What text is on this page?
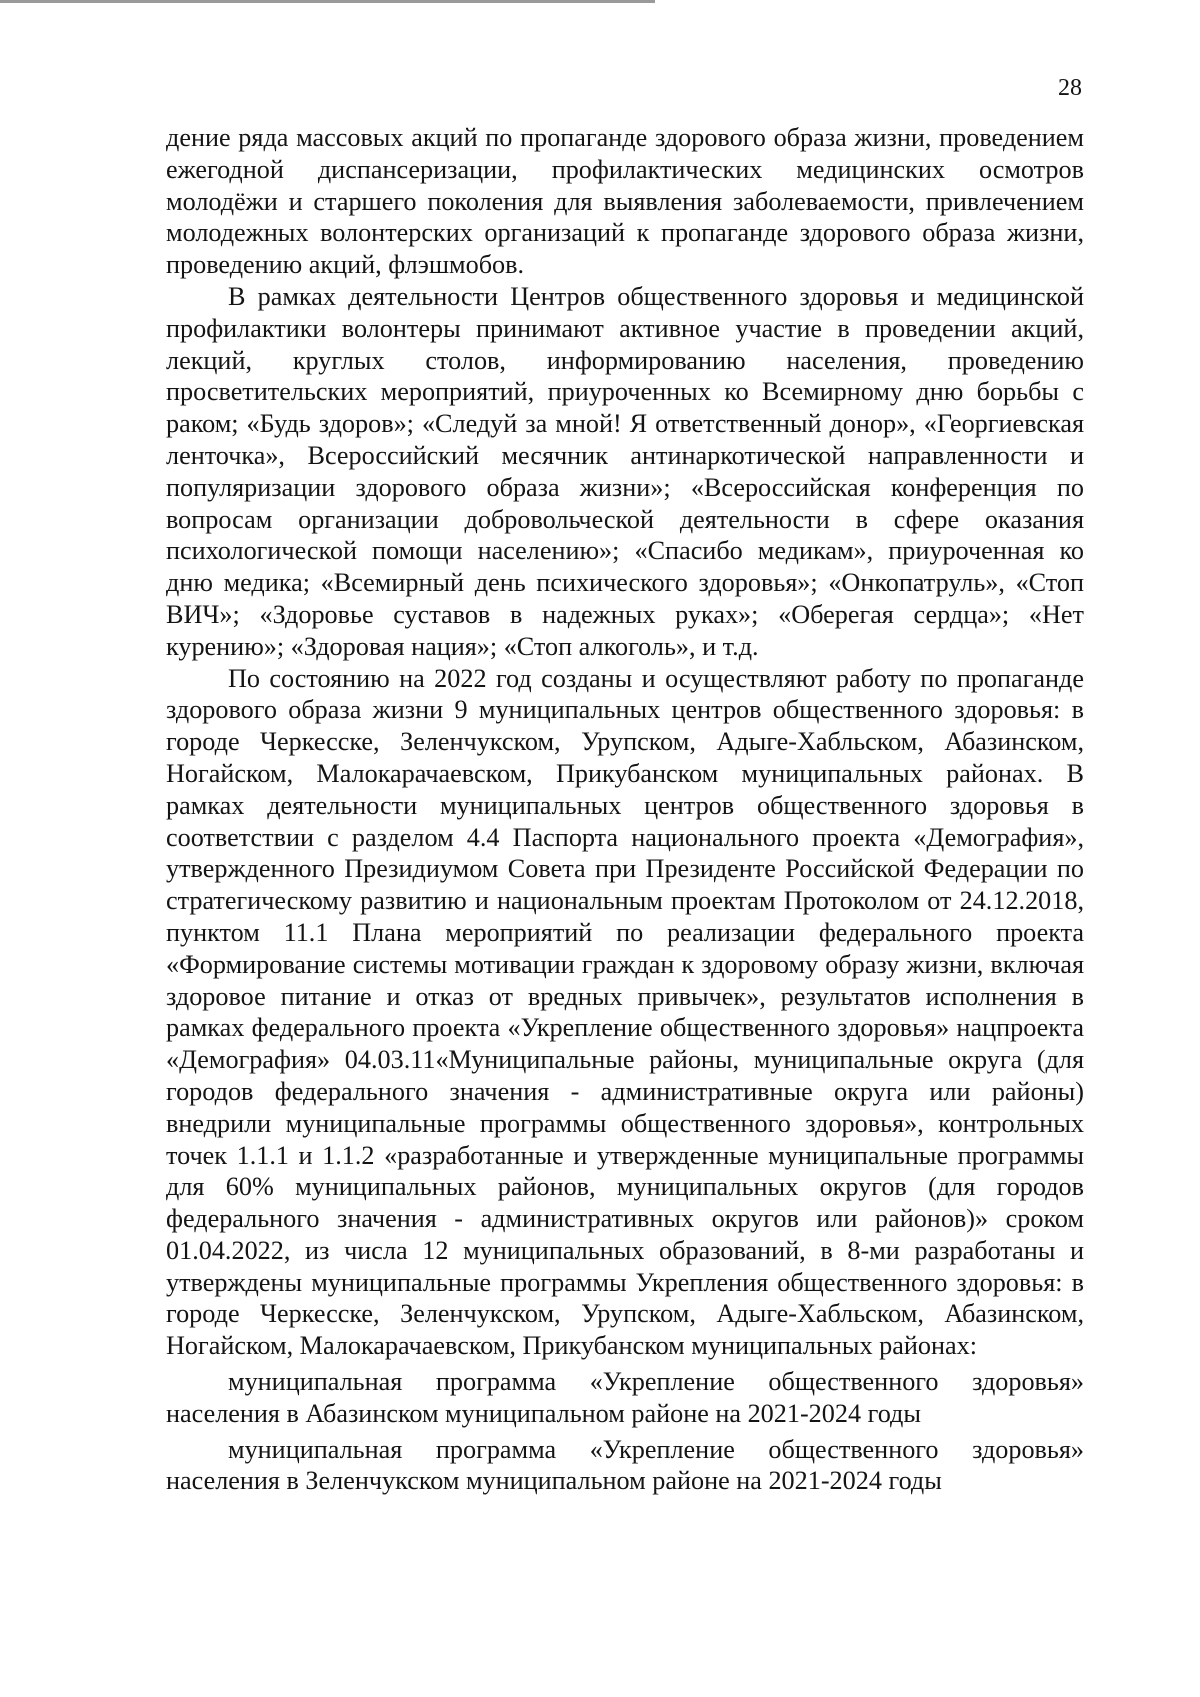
28

дение ряда массовых акций по пропаганде здорового образа жизни, проведением ежегодной диспансеризации, профилактических медицинских осмотров молодёжи и старшего поколения для выявления заболеваемости, привлечением молодежных волонтерских организаций к пропаганде здорового образа жизни, проведению акций, флэшмобов.

В рамках деятельности Центров общественного здоровья и медицинской профилактики волонтеры принимают активное участие в проведении акций, лекций, круглых столов, информированию населения, проведению просветительских мероприятий, приуроченных ко Всемирному дню борьбы с раком; «Будь здоров»; «Следуй за мной! Я ответственный донор», «Георгиевская ленточка», Всероссийский месячник антинаркотической направленности и популяризации здорового образа жизни»; «Всероссийская конференция по вопросам организации добровольческой деятельности в сфере оказания психологической помощи населению»; «Спасибо медикам», приуроченная ко дню медика; «Всемирный день психического здоровья»; «Онкопатруль», «Стоп ВИЧ»; «Здоровье суставов в надежных руках»; «Оберегая сердца»; «Нет курению»; «Здоровая нация»; «Стоп алкоголь», и т.д.

По состоянию на 2022 год созданы и осуществляют работу по пропаганде здорового образа жизни 9 муниципальных центров общественного здоровья: в городе Черкесске, Зеленчукском, Урупском, Адыге-Хабльском, Абазинском, Ногайском, Малокарачаевском, Прикубанском муниципальных районах. В рамках деятельности муниципальных центров общественного здоровья в соответствии с разделом 4.4 Паспорта национального проекта «Демография», утвержденного Президиумом Совета при Президенте Российской Федерации по стратегическому развитию и национальным проектам Протоколом от 24.12.2018, пунктом 11.1 Плана мероприятий по реализации федерального проекта «Формирование системы мотивации граждан к здоровому образу жизни, включая здоровое питание и отказ от вредных привычек», результатов исполнения в рамках федерального проекта «Укрепление общественного здоровья» нацпроекта «Демография» 04.03.11«Муниципальные районы, муниципальные округа (для городов федерального значения - административные округа или районы) внедрили муниципальные программы общественного здоровья», контрольных точек 1.1.1 и 1.1.2 «разработанные и утвержденные муниципальные программы для 60% муниципальных районов, муниципальных округов (для городов федерального значения - административных округов или районов)» сроком 01.04.2022, из числа 12 муниципальных образований, в 8-ми разработаны и утверждены муниципальные программы Укрепления общественного здоровья: в городе Черкесске, Зеленчукском, Урупском, Адыге-Хабльском, Абазинском, Ногайском, Малокарачаевском, Прикубанском муниципальных районах:

муниципальная программа «Укрепление общественного здоровья» населения в Абазинском муниципальном районе на 2021-2024 годы

муниципальная программа «Укрепление общественного здоровья» населения в Зеленчукском муниципальном районе на 2021-2024 годы
